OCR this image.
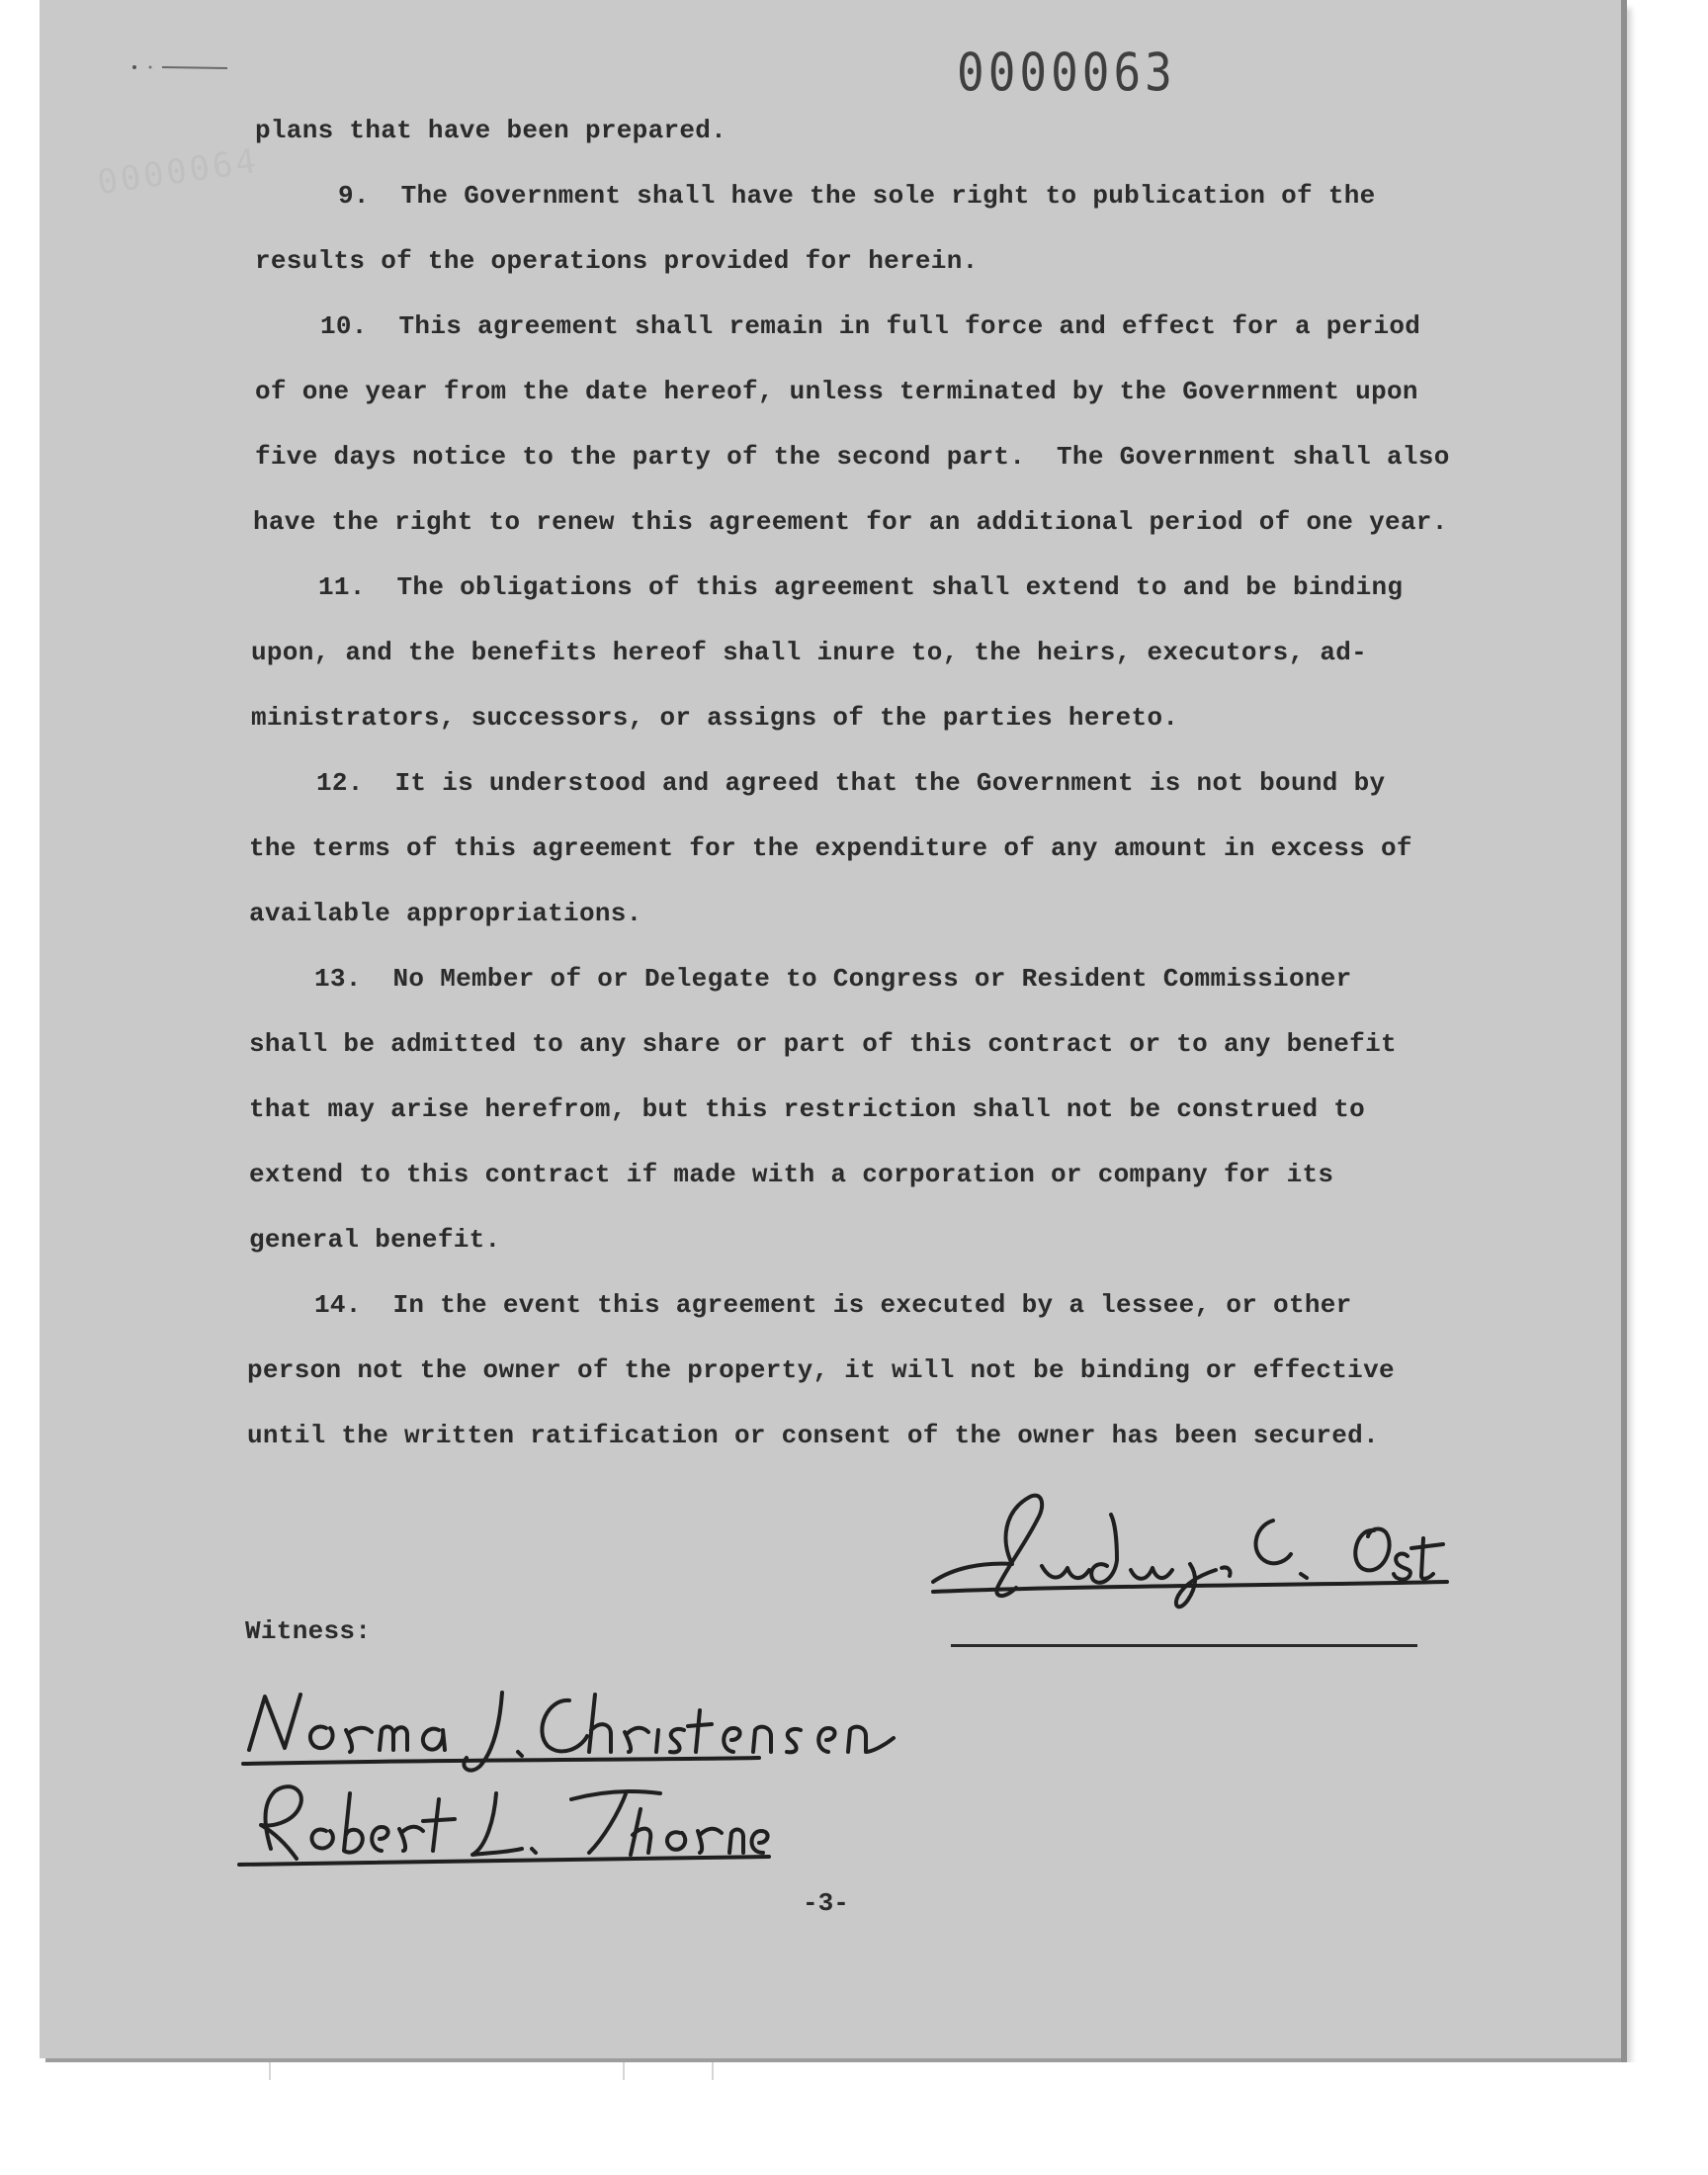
0000064
0000063
plans that have been prepared.
9.  The Government shall have the sole right to publication of the
results of the operations provided for herein.
10.  This agreement shall remain in full force and effect for a period
of one year from the date hereof, unless terminated by the Government upon
five days notice to the party of the second part.  The Government shall also
have the right to renew this agreement for an additional period of one year.
11.  The obligations of this agreement shall extend to and be binding
upon, and the benefits hereof shall inure to, the heirs, executors, ad-
ministrators, successors, or assigns of the parties hereto.
12.  It is understood and agreed that the Government is not bound by
the terms of this agreement for the expenditure of any amount in excess of
available appropriations.
13.  No Member of or Delegate to Congress or Resident Commissioner
shall be admitted to any share or part of this contract or to any benefit
that may arise herefrom, but this restriction shall not be construed to
extend to this contract if made with a corporation or company for its
general benefit.
14.  In the event this agreement is executed by a lessee, or other
person not the owner of the property, it will not be binding or effective
until the written ratification or consent of the owner has been secured.
Witness:
-3-
